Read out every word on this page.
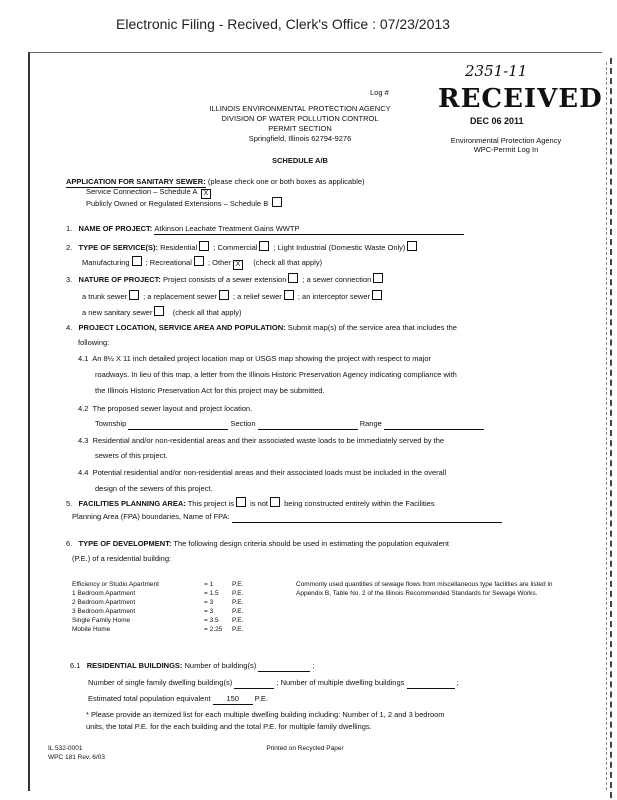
Electronic Filing - Recived, Clerk's Office : 07/23/2013
Log #
2351-11
ILLINOIS ENVIRONMENTAL PROTECTION AGENCY
DIVISION OF WATER POLLUTION CONTROL
PERMIT SECTION
Springfield, Illinois 62794-9276
SCHEDULE A/B
RECEIVED
DEC 06 2011
Environmental Protection Agency
WPC-Permit Log In
APPLICATION FOR SANITARY SEWER: (please check one or both boxes as applicable)
Service Connection – Schedule A X
Publicly Owned or Regulated Extensions – Schedule B
1. NAME OF PROJECT: Atkinson Leachate Treatment Gains WWTP
2. TYPE OF SERVICE(S): Residential ; Commercial ; Light Industrial (Domestic Waste Only)
Manufacturing ; Recreational ; Other X (check all that apply)
3. NATURE OF PROJECT: Project consists of a sewer extension ; a sewer connection
a trunk sewer ; a replacement sewer ; a relief sewer ; an interceptor sewer
a new sanitary sewer	(check all that apply)
4. PROJECT LOCATION, SERVICE AREA AND POPULATION: Submit map(s) of the service area that includes the
following:
4.1 An 8½ X 11 inch detailed project location map or USGS map showing the project with respect to major
roadways. In lieu of this map, a letter from the Illinois Historic Preservation Agency indicating compliance with
the Illinois Historic Preservation Act for this project may be submitted.
4.2 The proposed sewer layout and project location.
Township	Section	Range
4.3 Residential and/or non-residential areas and their associated waste loads to be immediately served by the
sewers of this project.
4.4 Potential residential and/or non-residential areas and their associated loads must be included in the overall
design of the sewers of this project.
5. FACILITIES PLANNING AREA: This project is is not being constructed entirely within the Facilities
Planning Area (FPA) boundaries, Name of FPA:
6. TYPE OF DEVELOPMENT: The following design criteria should be used in estimating the population equivalent
(P.E.) of a residential building:
Efficiency or Studio Apartment	= 1	P.E.
1 Bedroom Apartment	= 1.5	P.E.
2 Bedroom Apartment	= 3	P.E.
3 Bedroom Apartment	= 3	P.E.
Single Family Home	= 3.5	P.E.
Mobile Home	= 2.25	P.E.
Commonly used quantities of sewage flows from miscellaneous type facilities are listed in Appendix B, Table No. 2 of the Illinois Recommended Standards for Sewage Works.
6.1 RESIDENTIAL BUILDINGS: Number of building(s)	;
Number of single family dwelling building(s)	; Number of multiple dwelling buildings	;
Estimated total population equivalent 150 P.E.
* Please provide an itemized list for each multiple dwelling building including: Number of 1, 2 and 3 bedroom
units, the total P.E. for the each building and the total P.E. for multiple family dwellings.
IL 532-0001
WPC 181 Rev. 6/03
Printed on Recycled Paper
